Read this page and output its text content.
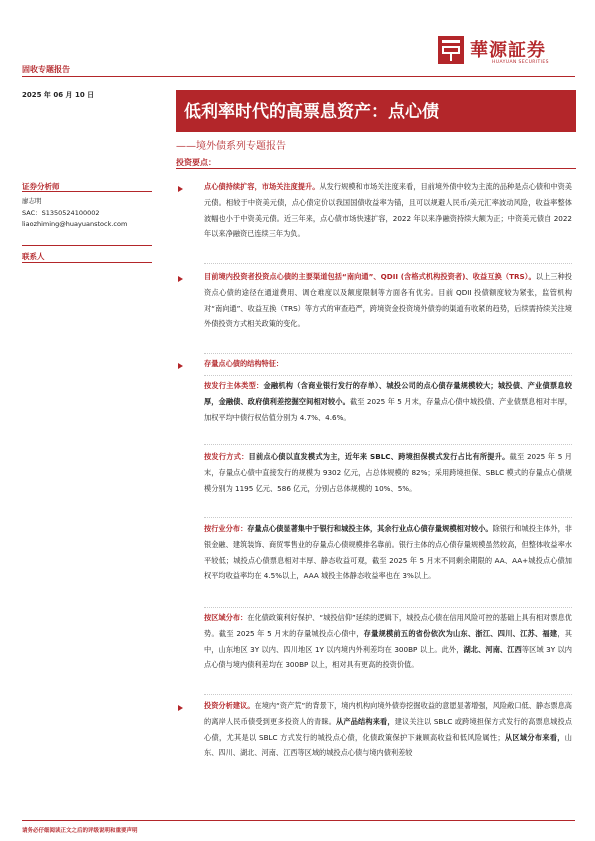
固收专题报告
華源証券
HUAYUAN SECURITIES
2025 年 06 月 10 日
证券分析师
廖志明
SAC：S1350524100002
liaozhiming@huayuanstock.com
联系人
低利率时代的高票息资产：点心债
——境外债系列专题报告
投资要点：
点心债持续扩容，市场关注度提升。从发行规模和市场关注度来看，目前境外债中较为主流的品种是点心债和中资美元债。相较于中资美元债，点心债定价以我国国债收益率为锚，且可以规避人民币/美元汇率波动风险，收益率整体波幅也小于中资美元债。近三年来，点心债市场快速扩容，2022 年以来净融资持续大额为正；中资美元债自 2022 年以来净融资已连续三年为负。
目前境内投资者投资点心债的主要渠道包括“南向通”、QDII (含格式机构投资者)、收益互换（TRS）。以上三种投资点心债的途径在通道费用、调仓难度以及额度限制等方面各有优劣。目前 QDII 投债额度较为紧张，监管机构对“南向通”、收益互换（TRS）等方式的审查趋严，跨境资金投资境外债券的渠道有收紧的趋势，后续需持续关注境外债投资方式相关政策的变化。
存量点心债的结构特征：
按发行主体类型：金融机构（含商业银行发行的存单）、城投公司的点心债存量规模较大；城投债、产业债票息较厚，金融债、政府债利差挖掘空间相对较小。截至 2025 年 5 月末，存量点心债中城投债、产业债票息相对丰厚，加权平均中债行权估值分别为 4.7%、4.6%。
按发行方式：目前点心债以直发模式为主，近年来 SBLC、跨境担保模式发行占比有所提升。截至 2025 年 5 月末，存量点心债中直接发行的规模为 9302 亿元，占总体规模的 82%；采用跨境担保、SBLC 模式的存量点心债规模分别为 1195 亿元、586 亿元，分别占总体规模的 10%、5%。
按行业分布：存量点心债显著集中于银行和城投主体，其余行业点心债存量规模相对较小。除银行和城投主体外，非银金融、建筑装饰、商贸零售业的存量点心债规模排名靠前。银行主体的点心债存量规模虽然较高，但整体收益率水平较低；城投点心债票息相对丰厚、静态收益可观，截至 2025 年 5 月末不同剩余期限的 AA、AA+城投点心债加权平均收益率均在 4.5%以上，AAA 城投主体静态收益率也在 3%以上。
按区域分布：在化债政策利好保护、“城投信仰”延续的逻辑下，城投点心债在信用风险可控的基础上具有相对票息优势。截至 2025 年 5 月末的存量城投点心债中，存量规模前五的省份依次为山东、浙江、四川、江苏、福建，其中，山东地区 3Y 以内、四川地区 1Y 以内境内外利差均在 300BP 以上。此外，湖北、河南、江西等区域 3Y 以内点心债与境内债利差均在 300BP 以上，相对具有更高的投资价值。
投资分析建议。在境内“资产荒”的背景下，境内机构向境外债券挖掘收益的意愿显著增强，风险敞口低、静态票息高的离岸人民币债受到更多投资人的青睐。从产品结构来看，建议关注以 SBLC 或跨境担保方式发行的高票息城投点心债，尤其是以 SBLC 方式发行的城投点心债，化债政策保护下兼顾高收益和低风险属性；从区域分布来看，山东、四川、湖北、河南、江西等区域的城投点心债与境内债利差较
请务必仔细阅读正文之后的评级说明和重要声明
